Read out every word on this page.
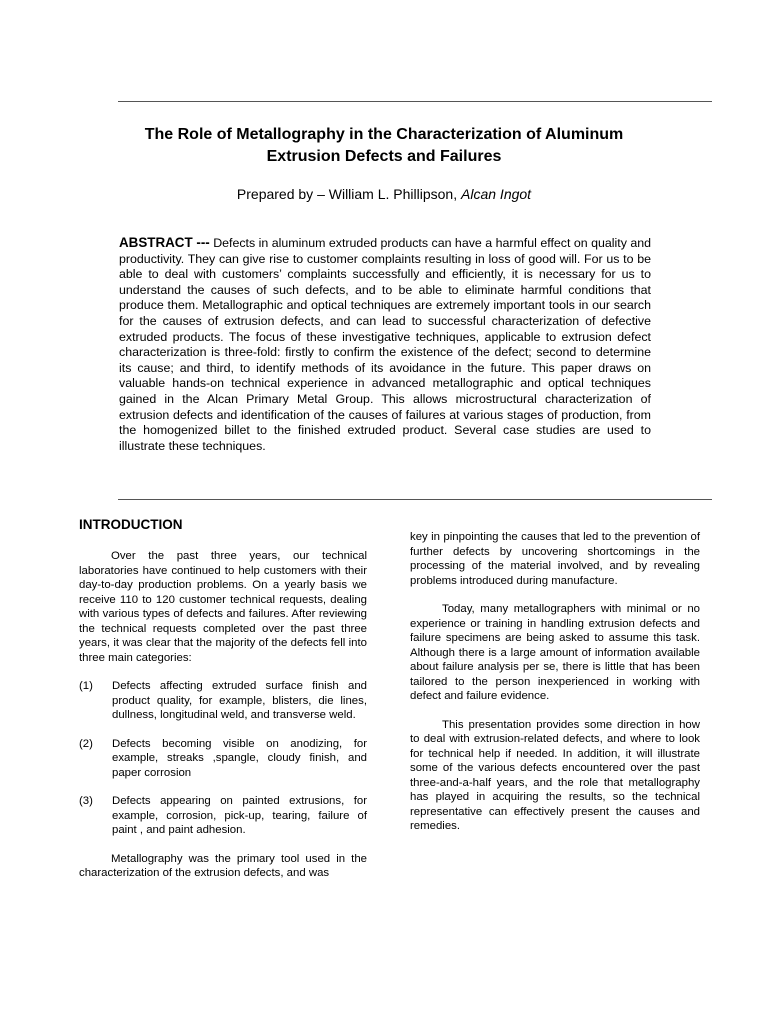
The Role of Metallography in the Characterization of Aluminum
Extrusion Defects and Failures
Prepared by – William L. Phillipson, Alcan Ingot
ABSTRACT --- Defects in aluminum extruded products can have a harmful effect on quality and productivity. They can give rise to customer complaints resulting in loss of good will. For us to be able to deal with customers’ complaints successfully and efficiently, it is necessary for us to understand the causes of such defects, and to be able to eliminate harmful conditions that produce them. Metallographic and optical techniques are extremely important tools in our search for the causes of extrusion defects, and can lead to successful characterization of defective extruded products. The focus of these investigative techniques, applicable to extrusion defect characterization is three-fold: firstly to confirm the existence of the defect; second to determine its cause; and third, to identify methods of its avoidance in the future. This paper draws on valuable hands-on technical experience in advanced metallographic and optical techniques gained in the Alcan Primary Metal Group. This allows microstructural characterization of extrusion defects and identification of the causes of failures at various stages of production, from the homogenized billet to the finished extruded product. Several case studies are used to illustrate these techniques.
INTRODUCTION
Over the past three years, our technical laboratories have continued to help customers with their day-to-day production problems. On a yearly basis we receive 110 to 120 customer technical requests, dealing with various types of defects and failures. After reviewing the technical requests completed over the past three years, it was clear that the majority of the defects fell into three main categories:
(1)	Defects affecting extruded surface finish and product quality, for example, blisters, die lines, dullness, longitudinal weld, and transverse weld.
(2)	Defects becoming visible on anodizing, for example, streaks ,spangle, cloudy finish, and paper corrosion
(3)	Defects appearing on painted extrusions, for example, corrosion, pick-up, tearing, failure of paint , and paint adhesion.
Metallography was the primary tool used in the characterization of the extrusion defects, and was
key in pinpointing the causes that led to the prevention of further defects by uncovering shortcomings in the processing of the material involved, and by revealing problems introduced during manufacture.
Today, many metallographers with minimal or no experience or training in handling extrusion defects and failure specimens are being asked to assume this task. Although there is a large amount of information available about failure analysis per se, there is little that has been tailored to the person inexperienced in working with defect and failure evidence.
This presentation provides some direction in how to deal with extrusion-related defects, and where to look for technical help if needed. In addition, it will illustrate some of the various defects encountered over the past three-and-a-half years, and the role that metallography has played in acquiring the results, so the technical representative can effectively present the causes and remedies.
